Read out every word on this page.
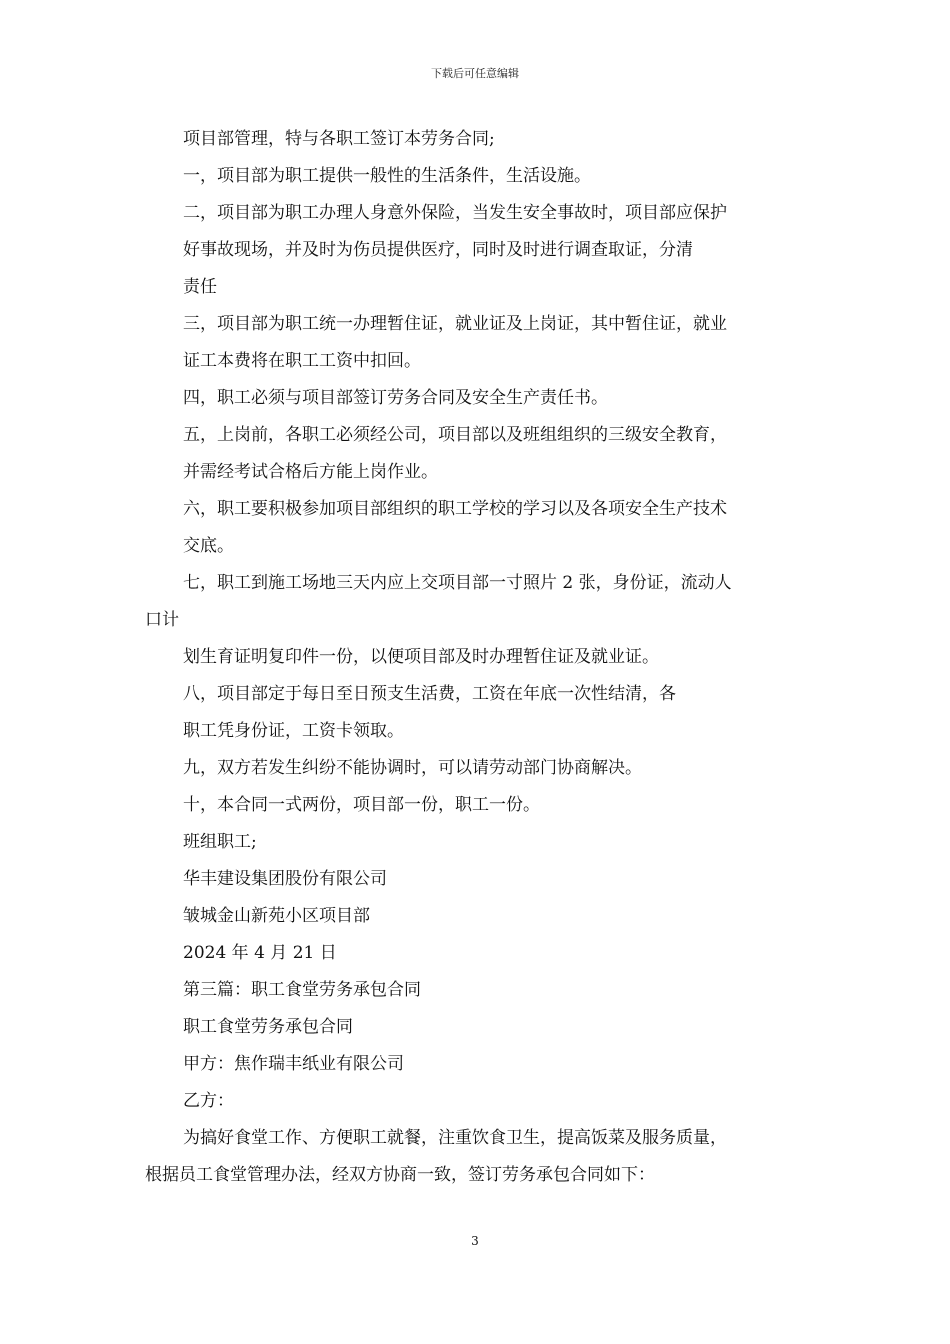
下载后可任意编辑
项目部管理，特与各职工签订本劳务合同;
一，项目部为职工提供一般性的生活条件，生活设施。
二，项目部为职工办理人身意外保险，当发生安全事故时，项目部应保护
好事故现场，并及时为伤员提供医疗，同时及时进行调查取证，分清
责任
三，项目部为职工统一办理暂住证，就业证及上岗证，其中暂住证，就业
证工本费将在职工工资中扣回。
四，职工必须与项目部签订劳务合同及安全生产责任书。
五，上岗前，各职工必须经公司，项目部以及班组组织的三级安全教育，
并需经考试合格后方能上岗作业。
六，职工要积极参加项目部组织的职工学校的学习以及各项安全生产技术
交底。
七，职工到施工场地三天内应上交项目部一寸照片 2 张，身份证，流动人
口计
划生育证明复印件一份，以便项目部及时办理暂住证及就业证。
八，项目部定于每日至日预支生活费，工资在年底一次性结清，各
职工凭身份证，工资卡领取。
九，双方若发生纠纷不能协调时，可以请劳动部门协商解决。
十，本合同一式两份，项目部一份，职工一份。
班组职工;
华丰建设集团股份有限公司
皱城金山新苑小区项目部
2024 年 4 月 21 日
第三篇：职工食堂劳务承包合同
职工食堂劳务承包合同
甲方：焦作瑞丰纸业有限公司
乙方：
为搞好食堂工作、方便职工就餐，注重饮食卫生，提高饭菜及服务质量，
根据员工食堂管理办法，经双方协商一致，签订劳务承包合同如下：
3
